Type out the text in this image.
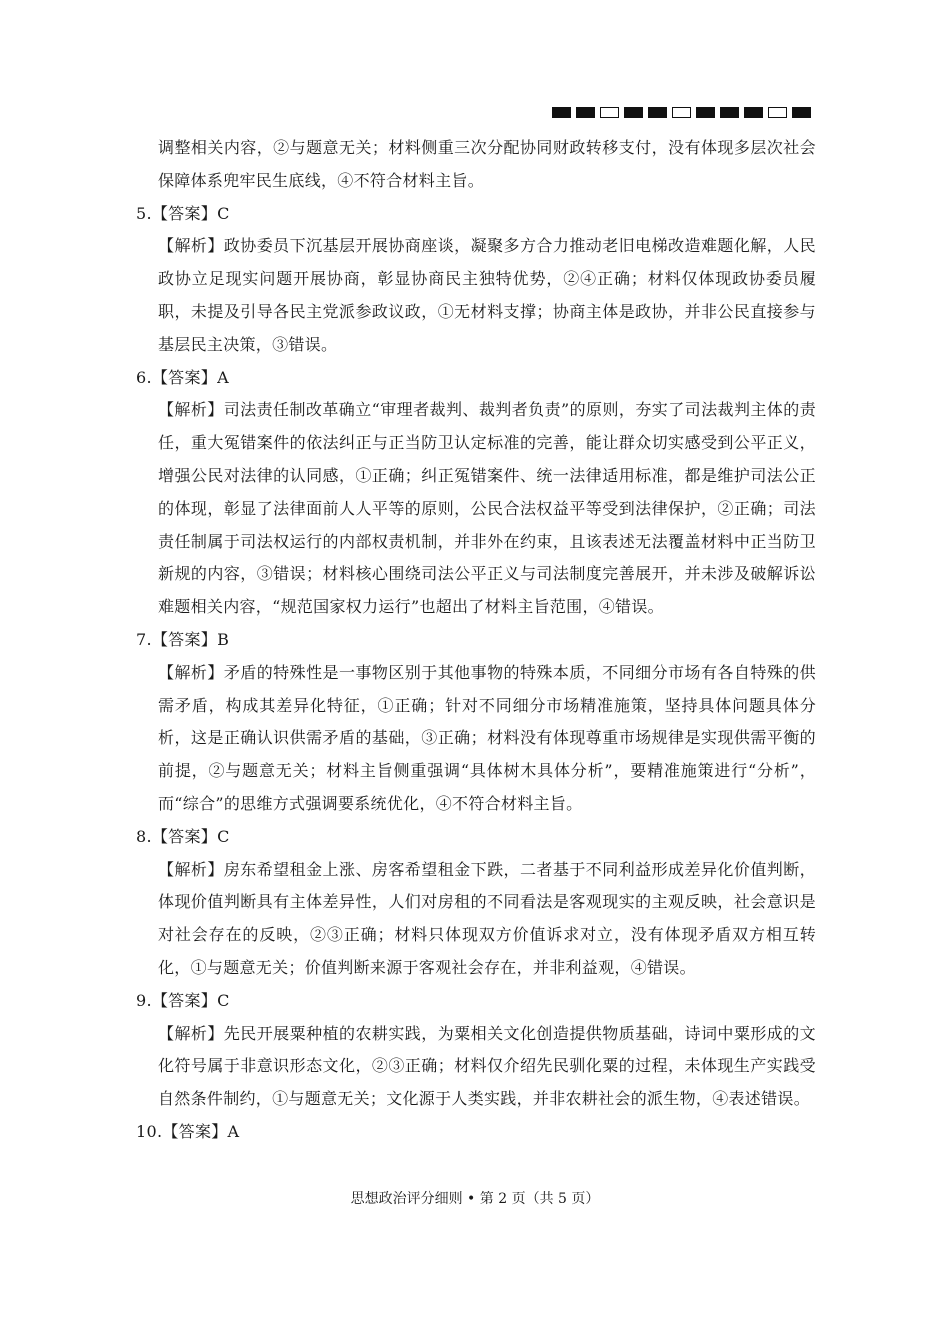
调整相关内容，②与题意无关；材料侧重三次分配协同财政转移支付，没有体现多层次社会保障体系兜牢民生底线，④不符合材料主旨。

5.【答案】C

【解析】政协委员下沉基层开展协商座谈，凝聚多方合力推动老旧电梯改造难题化解，人民政协立足现实问题开展协商，彰显协商民主独特优势，②④正确；材料仅体现政协委员履职，未提及引导各民主党派参政议政，①无材料支撑；协商主体是政协，并非公民直接参与基层民主决策，③错误。

6.【答案】A

【解析】司法责任制改革确立“审理者裁判、裁判者负责”的原则，夯实了司法裁判主体的责任，重大冤错案件的依法纠正与正当防卫认定标准的完善，能让群众切实感受到公平正义，增强公民对法律的认同感，①正确；纠正冤错案件、统一法律适用标准，都是维护司法公正的体现，彰显了法律面前人人平等的原则，公民合法权益平等受到法律保护，②正确；司法责任制属于司法权运行的内部权责机制，并非外在约束，且该表述无法覆盖材料中正当防卫新规的内容，③错误；材料核心围绕司法公平正义与司法制度完善展开，并未涉及破解诉讼难题相关内容，“规范国家权力运行”也超出了材料主旨范围，④错误。

7.【答案】B

【解析】矛盾的特殊性是一事物区别于其他事物的特殊本质，不同细分市场有各自特殊的供需矛盾，构成其差异化特征，①正确；针对不同细分市场精准施策，坚持具体问题具体分析，这是正确认识供需矛盾的基础，③正确；材料没有体现尊重市场规律是实现供需平衡的前提，②与题意无关；材料主旨侧重强调“具体树木具体分析”，要精准施策进行“分析”，而“综合”的思维方式强调要系统优化，④不符合材料主旨。

8.【答案】C

【解析】房东希望租金上涨、房客希望租金下跌，二者基于不同利益形成差异化价值判断，体现价值判断具有主体差异性，人们对房租的不同看法是客观现实的主观反映，社会意识是对社会存在的反映，②③正确；材料只体现双方价值诉求对立，没有体现矛盾双方相互转化，①与题意无关；价值判断来源于客观社会存在，并非利益观，④错误。

9.【答案】C

【解析】先民开展粟种植的农耕实践，为粟相关文化创造提供物质基础，诗词中粟形成的文化符号属于非意识形态文化，②③正确；材料仅介绍先民驯化粟的过程，未体现生产实践受自然条件制约，①与题意无关；文化源于人类实践，并非农耕社会的派生物，④表述错误。

10.【答案】A

思想政治评分细则 • 第 2 页（共 5 页）
